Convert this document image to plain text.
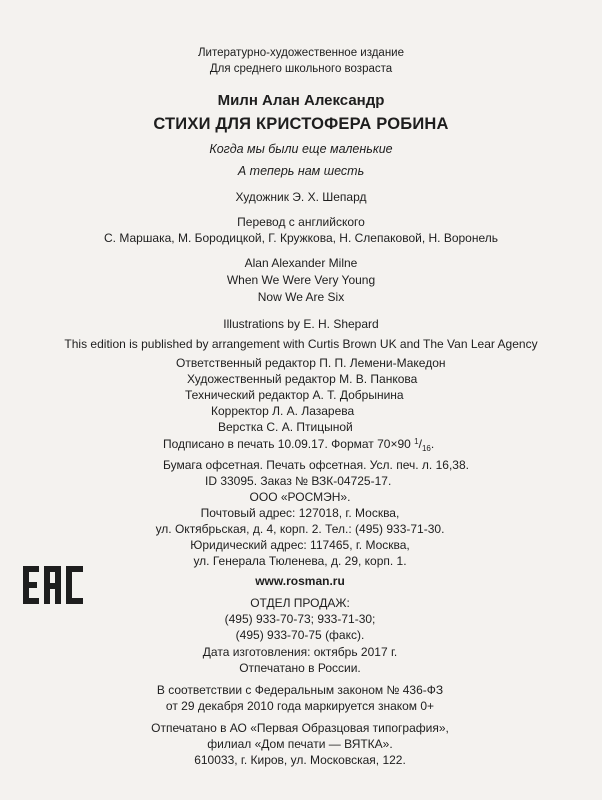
Литературно-художественное издание
Для среднего школьного возраста
Милн Алан Александр
СТИХИ ДЛЯ КРИСТОФЕРА РОБИНА
Когда мы были еще маленькие
А теперь нам шесть
Художник Э. Х. Шепард
Перевод с английского
С. Маршака, М. Бородицкой, Г. Кружкова, Н. Слепаковой, Н. Воронель
Alan Alexander Milne
When We Were Very Young
Now We Are Six
Illustrations by E. H. Shepard
This edition is published by arrangement with Curtis Brown UK and The Van Lear Agency
Ответственный редактор П. П. Лемени-Македон
Художественный редактор М. В. Панкова
Технический редактор А. Т. Добрынина
Корректор Л. А. Лазарева
Верстка С. А. Птицыной
Подписано в печать 10.09.17. Формат 70×90 $^1/_{16}$.
Бумага офсетная. Печать офсетная. Усл. печ. л. 16,38.
ID 33095. Заказ № ВЗК-04725-17.
ООО «РОСМЭН».
Почтовый адрес: 127018, г. Москва,
ул. Октябрьская, д. 4, корп. 2. Тел.: (495) 933-71-30.
Юридический адрес: 117465, г. Москва,
ул. Генерала Тюленева, д. 29, корп. 1.
www.rosman.ru
ОТДЕЛ ПРОДАЖ:
(495) 933-70-73; 933-71-30;
(495) 933-70-75 (факс).
Дата изготовления: октябрь 2017 г.
Отпечатано в России.
В соответствии с Федеральным законом № 436-ФЗ
от 29 декабря 2010 года маркируется знаком 0+
Отпечатано в АО «Первая Образцовая типография»,
филиал «Дом печати — ВЯТКА».
610033, г. Киров, ул. Московская, 122.
